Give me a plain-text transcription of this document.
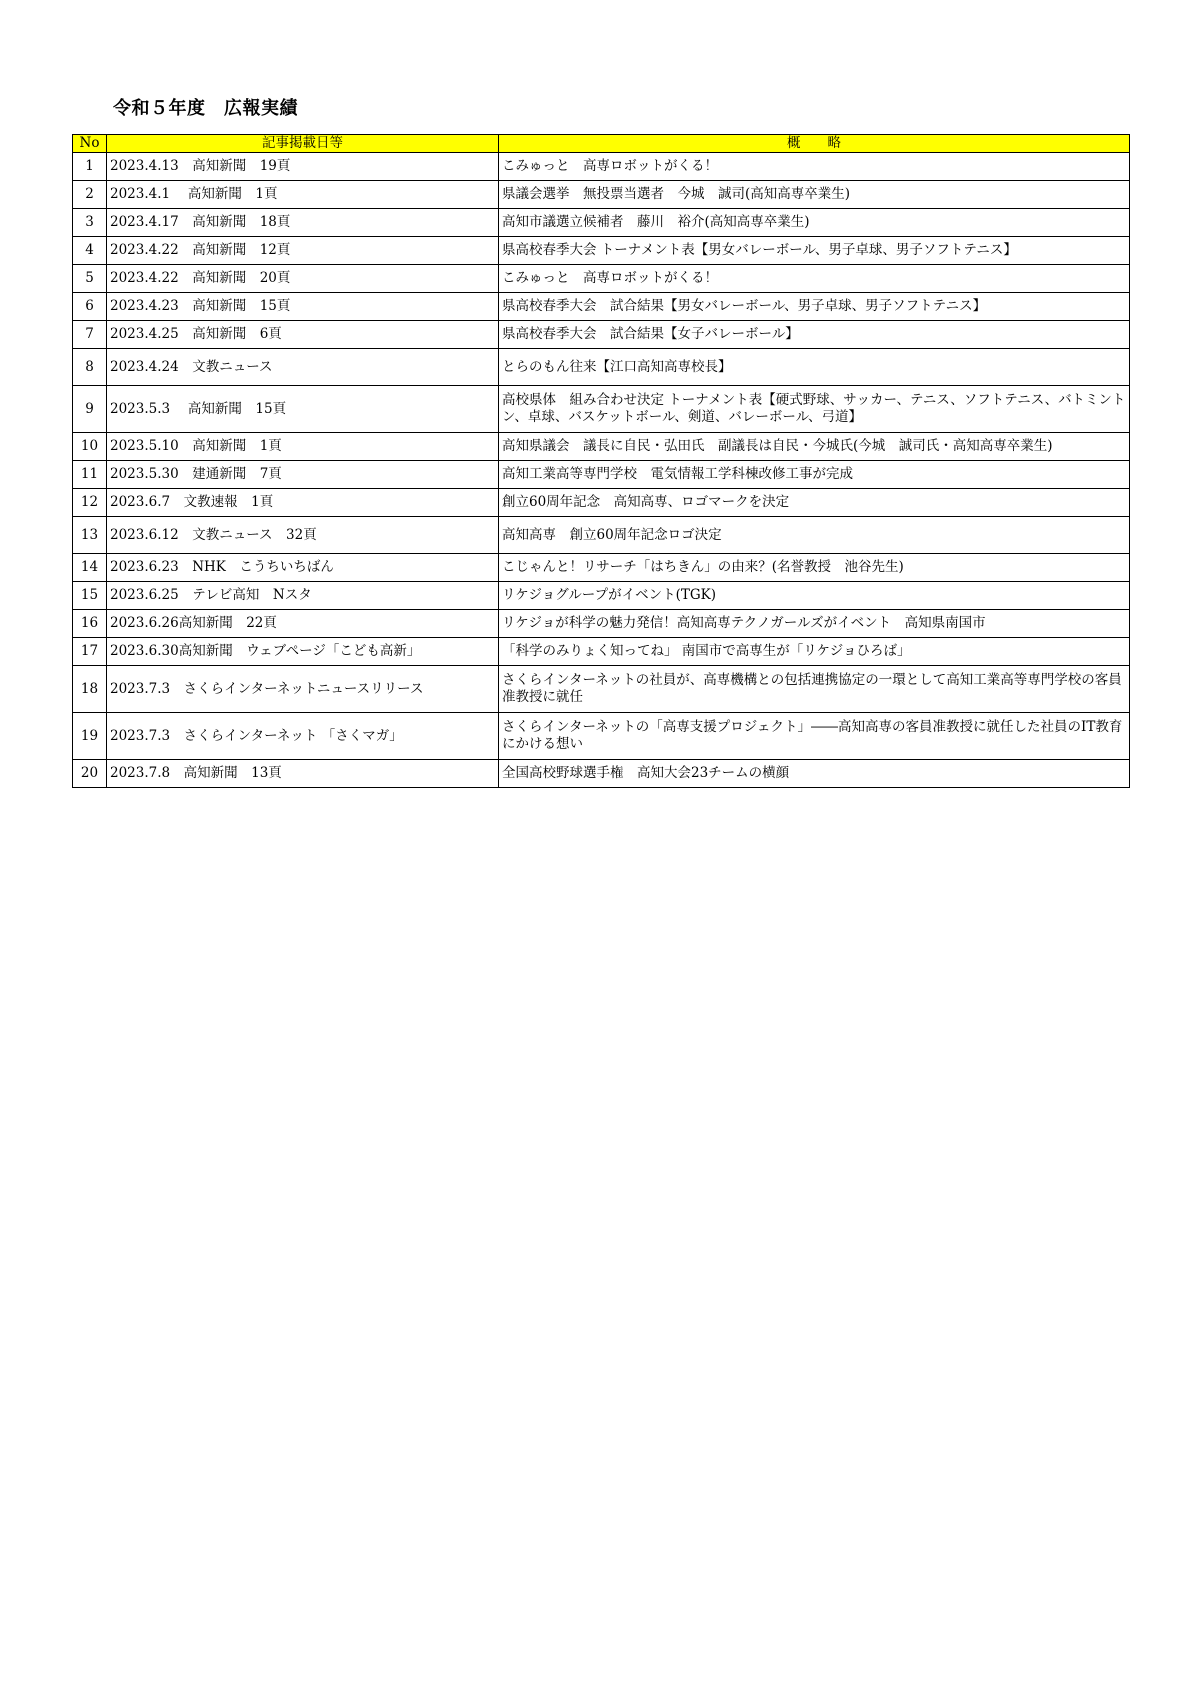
令和５年度　広報実績
No	記事掲載日等	概　　略
1	2023.4.13　高知新聞　19頁	こみゅっと　高専ロボットがくる！
2	2023.4.1　 高知新聞　1頁	県議会選挙　無投票当選者　今城　誠司(高知高専卒業生)
3	2023.4.17　高知新聞　18頁	高知市議選立候補者　藤川　裕介(高知高専卒業生)
4	2023.4.22　高知新聞　12頁	県高校春季大会 トーナメント表【男女バレーボール、男子卓球、男子ソフトテニス】
5	2023.4.22　高知新聞　20頁	こみゅっと　高専ロボットがくる！
6	2023.4.23　高知新聞　15頁	県高校春季大会　試合結果【男女バレーボール、男子卓球、男子ソフトテニス】
7	2023.4.25　高知新聞　6頁	県高校春季大会　試合結果【女子バレーボール】
8	2023.4.24　文教ニュース	とらのもん往来【江口高知高専校長】
9	2023.5.3　 高知新聞　15頁	高校県体　組み合わせ決定 トーナメント表【硬式野球、サッカー、テニス、ソフトテニス、バトミントン、卓球、バスケットボール、剣道、バレーボール、弓道】
10	2023.5.10　高知新聞　1頁	高知県議会　議長に自民・弘田氏　副議長は自民・今城氏(今城　誠司氏・高知高専卒業生)
11	2023.5.30　建通新聞　7頁	高知工業高等専門学校　電気情報工学科棟改修工事が完成
12	2023.6.7　文教速報　1頁	創立60周年記念　高知高専、ロゴマークを決定
13	2023.6.12　文教ニュース　32頁	高知高専　創立60周年記念ロゴ決定
14	2023.6.23　NHK　こうちいちばん	こじゃんと！リサーチ「はちきん」の由来？(名誉教授　池谷先生)
15	2023.6.25　テレビ高知　Nスタ	リケジョグループがイベント(TGK)
16	2023.6.26高知新聞　22頁	リケジョが科学の魅力発信！高知高専テクノガールズがイベント　高知県南国市
17	2023.6.30高知新聞　ウェブページ「こども高新」	「科学のみりょく知ってね」 南国市で高専生が「リケジョひろば」
18	2023.7.3　さくらインターネットニュースリリース	さくらインターネットの社員が、高専機構との包括連携協定の一環として高知工業高等専門学校の客員准教授に就任
19	2023.7.3　さくらインターネット 「さくマガ」	さくらインターネットの「高専支援プロジェクト」――高知高専の客員准教授に就任した社員のIT教育にかける想い
20	2023.7.8　高知新聞　13頁	全国高校野球選手権　高知大会23チームの横顔
